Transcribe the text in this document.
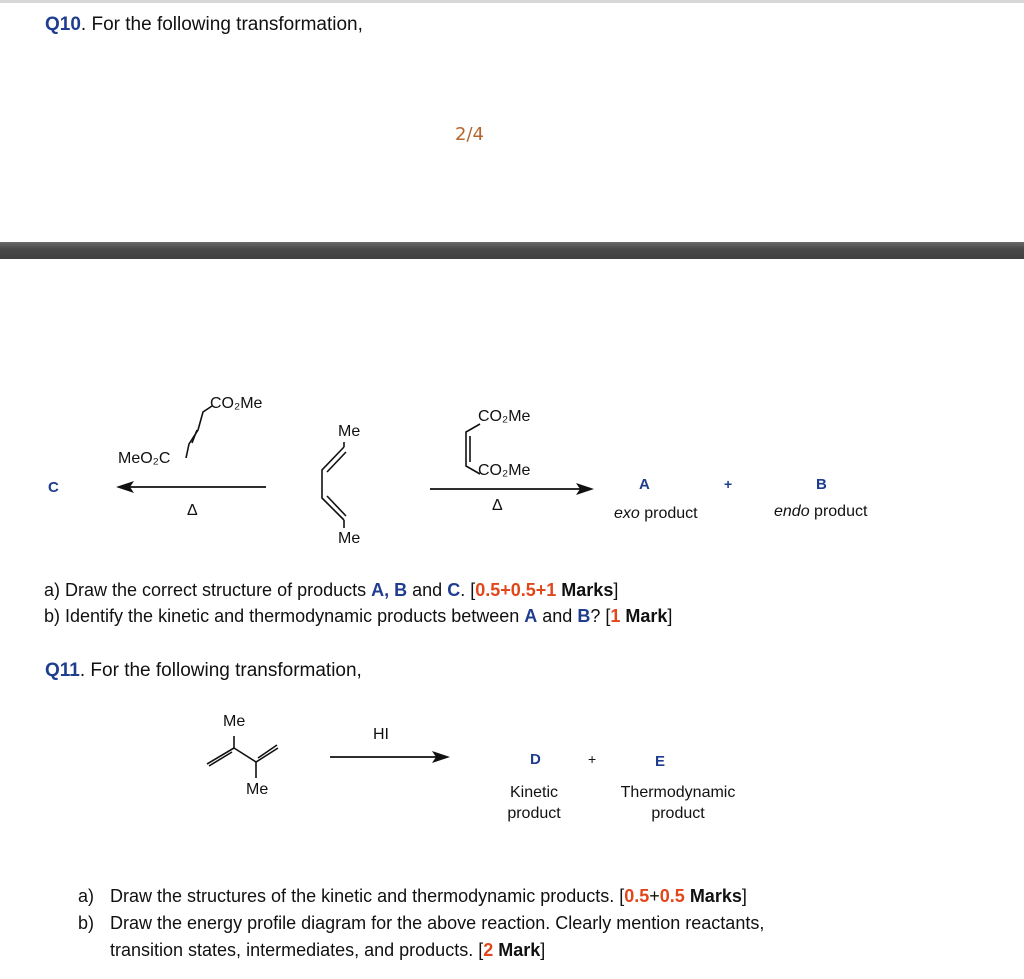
Q10. For the following transformation,
2/4
C
CO₂Me
MeO₂C
Δ
Me
Me
CO₂Me
CO₂Me
Δ
A	+	B
exo product	endo product
a) Draw the correct structure of products A, B and C. [0.5+0.5+1 Marks]
b) Identify the kinetic and thermodynamic products between A and B? [1 Mark]
Q11. For the following transformation,
Me
Me
HI
D	+	E
Kinetic
product
Thermodynamic
product
a) Draw the structures of the kinetic and thermodynamic products. [0.5+0.5 Marks]
b) Draw the energy profile diagram for the above reaction. Clearly mention reactants,
transition states, intermediates, and products. [2 Mark]
